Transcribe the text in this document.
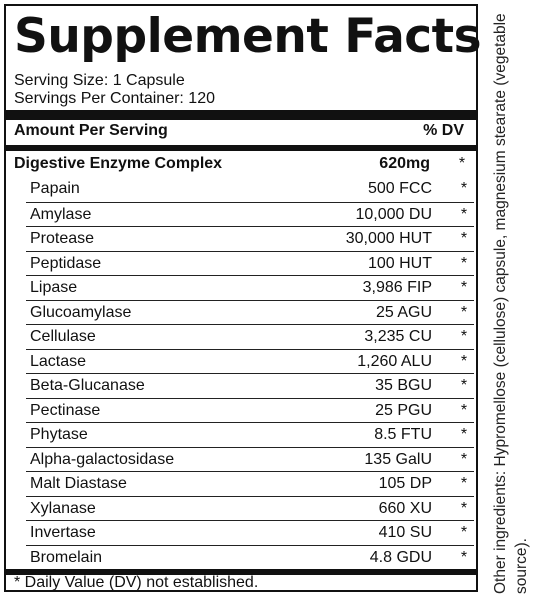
Supplement Facts
Serving Size: 1 Capsule
Servings Per Container: 120
Amount Per Serving	% DV
Digestive Enzyme Complex	620mg *
Papain	500 FCC *
Amylase	10,000 DU *
Protease	30,000 HUT *
Peptidase	100 HUT *
Lipase	3,986 FIP *
Glucoamylase	25 AGU *
Cellulase	3,235 CU *
Lactase	1,260 ALU *
Beta-Glucanase	35 BGU *
Pectinase	25 PGU *
Phytase	8.5 FTU *
Alpha-galactosidase	135 GalU *
Malt Diastase	105 DP *
Xylanase	660 XU *
Invertase	410 SU *
Bromelain	4.8 GDU *
* Daily Value (DV) not established.	Other ingredients: Hypromellose (cellulose) capsule, magnesium stearate (vegetable source).
